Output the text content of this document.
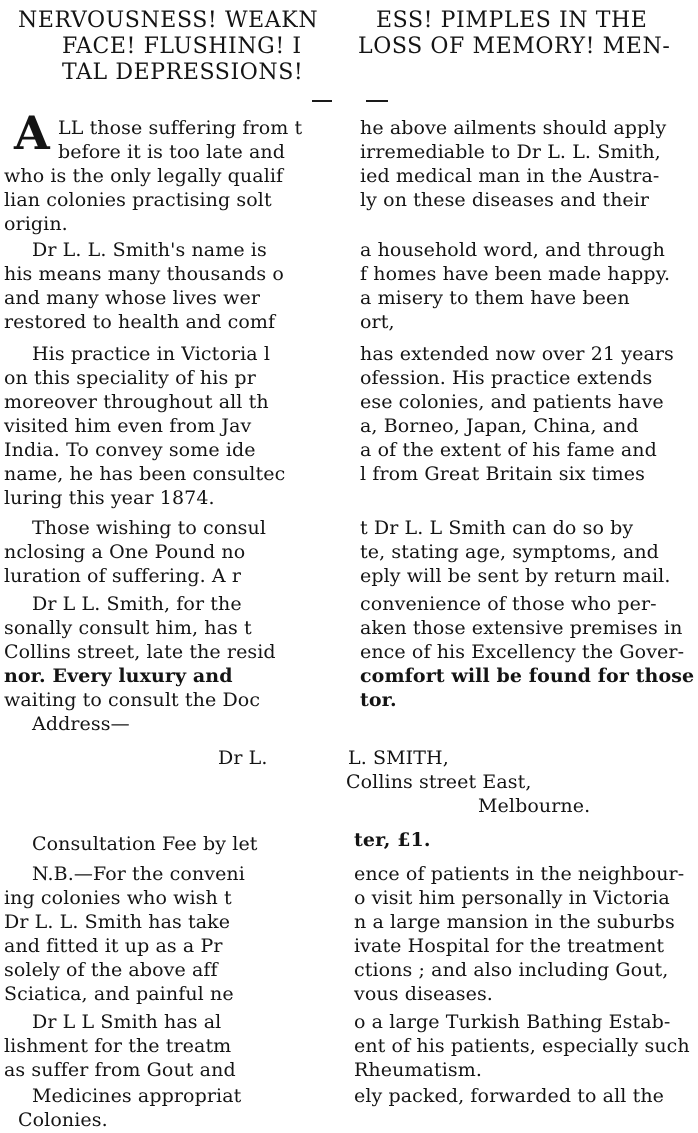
NERVOUSNESS! WEAKN
FACE! FLUSHING! I
TAL DEPRESSIONS!
A LL those suffering from t
before it is too late and
who is the only legally qualif
lian colonies practising solt
origin.
Dr L. L. Smith's name is
his means many thousands o
and many whose lives wer
restored to health and comf
His practice in Victoria l
on this speciality of his pr
moreover throughout all th
visited him even from Jav
India. To convey some ide
name, he has been consultec
luring this year 1874.
Those wishing to consul
nclosing a One Pound no
luration of suffering. A r
Dr L L. Smith, for the
sonally consult him, has t
Collins street, late the resid
nor. Every luxury and
waiting to consult the Doc
Address—
Dr L.
Consultation Fee by let
N.B.—For the conveni
ing colonies who wish t
Dr L. L. Smith has take
and fitted it up as a Pr
solely of the above aff
Sciatica, and painful ne
Dr L L Smith has al
lishment for the treatm
as suffer from Gout and
Medicines appropriat
Colonies.
ESS! PIMPLES IN THE
LOSS OF MEMORY! MEN-
he above ailments should apply
irremediable to Dr L. L. Smith,
ied medical man in the Austra-
ly on these diseases and their
a household word, and through
f homes have been made happy.
a misery to them have been
ort,
has extended now over 21 years
ofession. His practice extends
ese colonies, and patients have
a, Borneo, Japan, China, and
a of the extent of his fame and
l from Great Britain six times
t Dr L. L Smith can do so by
te, stating age, symptoms, and
eply will be sent by return mail.
convenience of those who per-
aken those extensive premises in
ence of his Excellency the Gover-
comfort will be found for those
tor.
L. SMITH,
Collins street East,
Melbourne.
ter, £1.
ence of patients in the neighbour-
o visit him personally in Victoria
n a large mansion in the suburbs
ivate Hospital for the treatment
ctions ; and also including Gout,
vous diseases.
o a large Turkish Bathing Estab-
ent of his patients, especially such
Rheumatism.
ely packed, forwarded to all the
